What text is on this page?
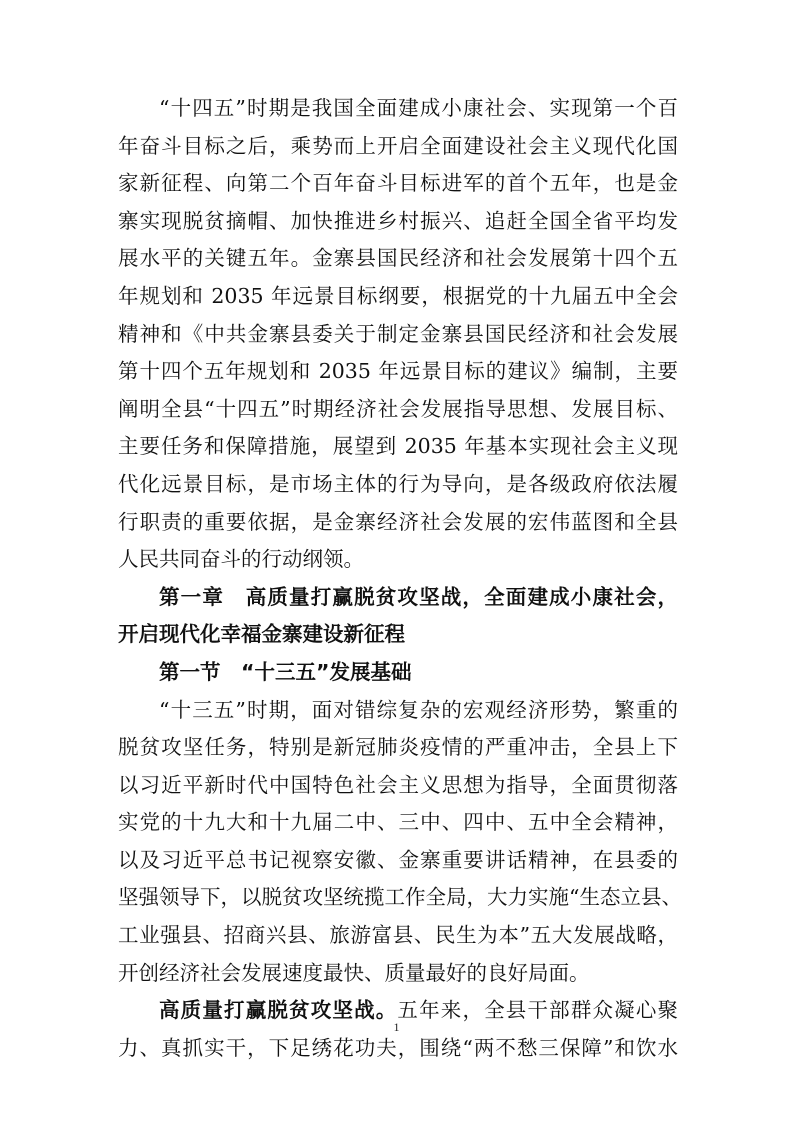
“十四五”时期是我国全面建成小康社会、实现第一个百
年奋斗目标之后，乘势而上开启全面建设社会主义现代化国
家新征程、向第二个百年奋斗目标进军的首个五年，也是金
寨实现脱贫摘帽、加快推进乡村振兴、追赶全国全省平均发
展水平的关键五年。金寨县国民经济和社会发展第十四个五
年规划和 2035 年远景目标纲要，根据党的十九届五中全会
精神和《中共金寨县委关于制定金寨县国民经济和社会发展
第十四个五年规划和 2035 年远景目标的建议》编制，主要
阐明全县“十四五”时期经济社会发展指导思想、发展目标、
主要任务和保障措施，展望到 2035 年基本实现社会主义现
代化远景目标，是市场主体的行为导向，是各级政府依法履
行职责的重要依据，是金寨经济社会发展的宏伟蓝图和全县
人民共同奋斗的行动纲领。
第一章　高质量打赢脱贫攻坚战，全面建成小康社会，
开启现代化幸福金寨建设新征程
第一节　“十三五”发展基础
“十三五”时期，面对错综复杂的宏观经济形势，繁重的
脱贫攻坚任务，特别是新冠肺炎疫情的严重冲击，全县上下
以习近平新时代中国特色社会主义思想为指导，全面贯彻落
实党的十九大和十九届二中、三中、四中、五中全会精神，
以及习近平总书记视察安徽、金寨重要讲话精神，在县委的
坚强领导下，以脱贫攻坚统揽工作全局，大力实施“生态立县、
工业强县、招商兴县、旅游富县、民生为本”五大发展战略，
开创经济社会发展速度最快、质量最好的良好局面。
高质量打赢脱贫攻坚战。五年来，全县干部群众凝心聚
力、真抓实干，下足绣花功夫，围绕“两不愁三保障”和饮水
1
